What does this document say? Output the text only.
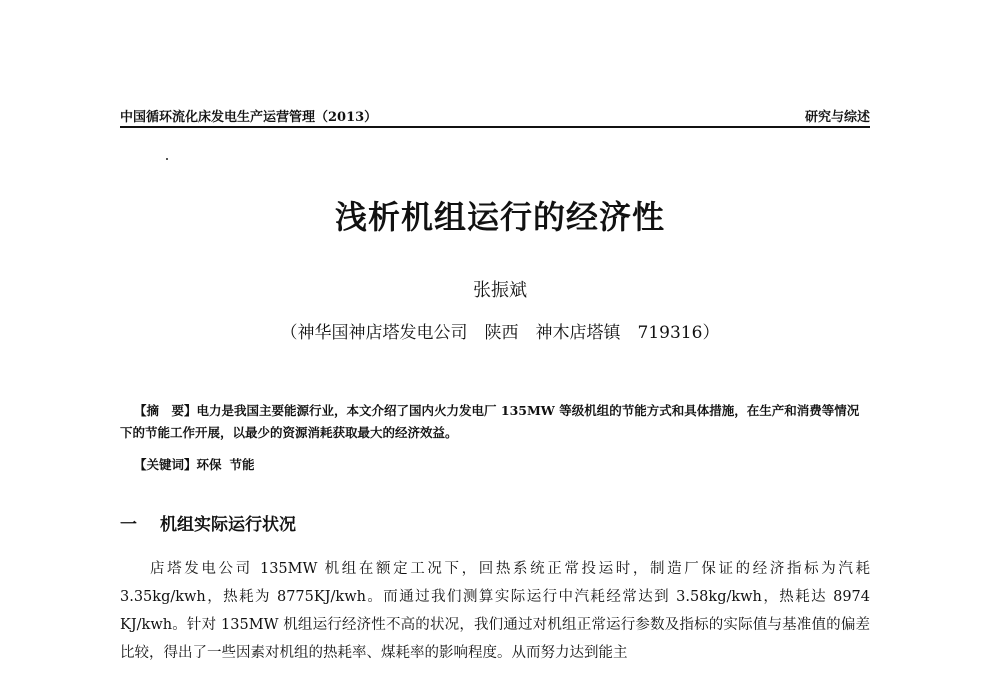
中国循环流化床发电生产运营管理（2013）	研究与综述
浅析机组运行的经济性
张振斌
（神华国神店塔发电公司　陕西　神木店塔镇　719316）
【摘　要】电力是我国主要能源行业，本文介绍了国内火力发电厂 135MW 等级机组的节能方式和具体措施，在生产和消费等情况下的节能工作开展，以最少的资源消耗获取最大的经济效益。
【关键词】环保 节能
一 机组实际运行状况
店塔发电公司 135MW 机组在额定工况下，回热系统正常投运时，制造厂保证的经济指标为汽耗 3.35kg/kwh，热耗为 8775KJ/kwh。而通过我们测算实际运行中汽耗经常达到 3.58kg/kwh，热耗达 8974 KJ/kwh。针对 135MW 机组运行经济性不高的状况，我们通过对机组正常运行参数及指标的实际值与基准值的偏差比较，得出了一些因素对机组的热耗率、煤耗率的影响程度。从而努力达到能主
